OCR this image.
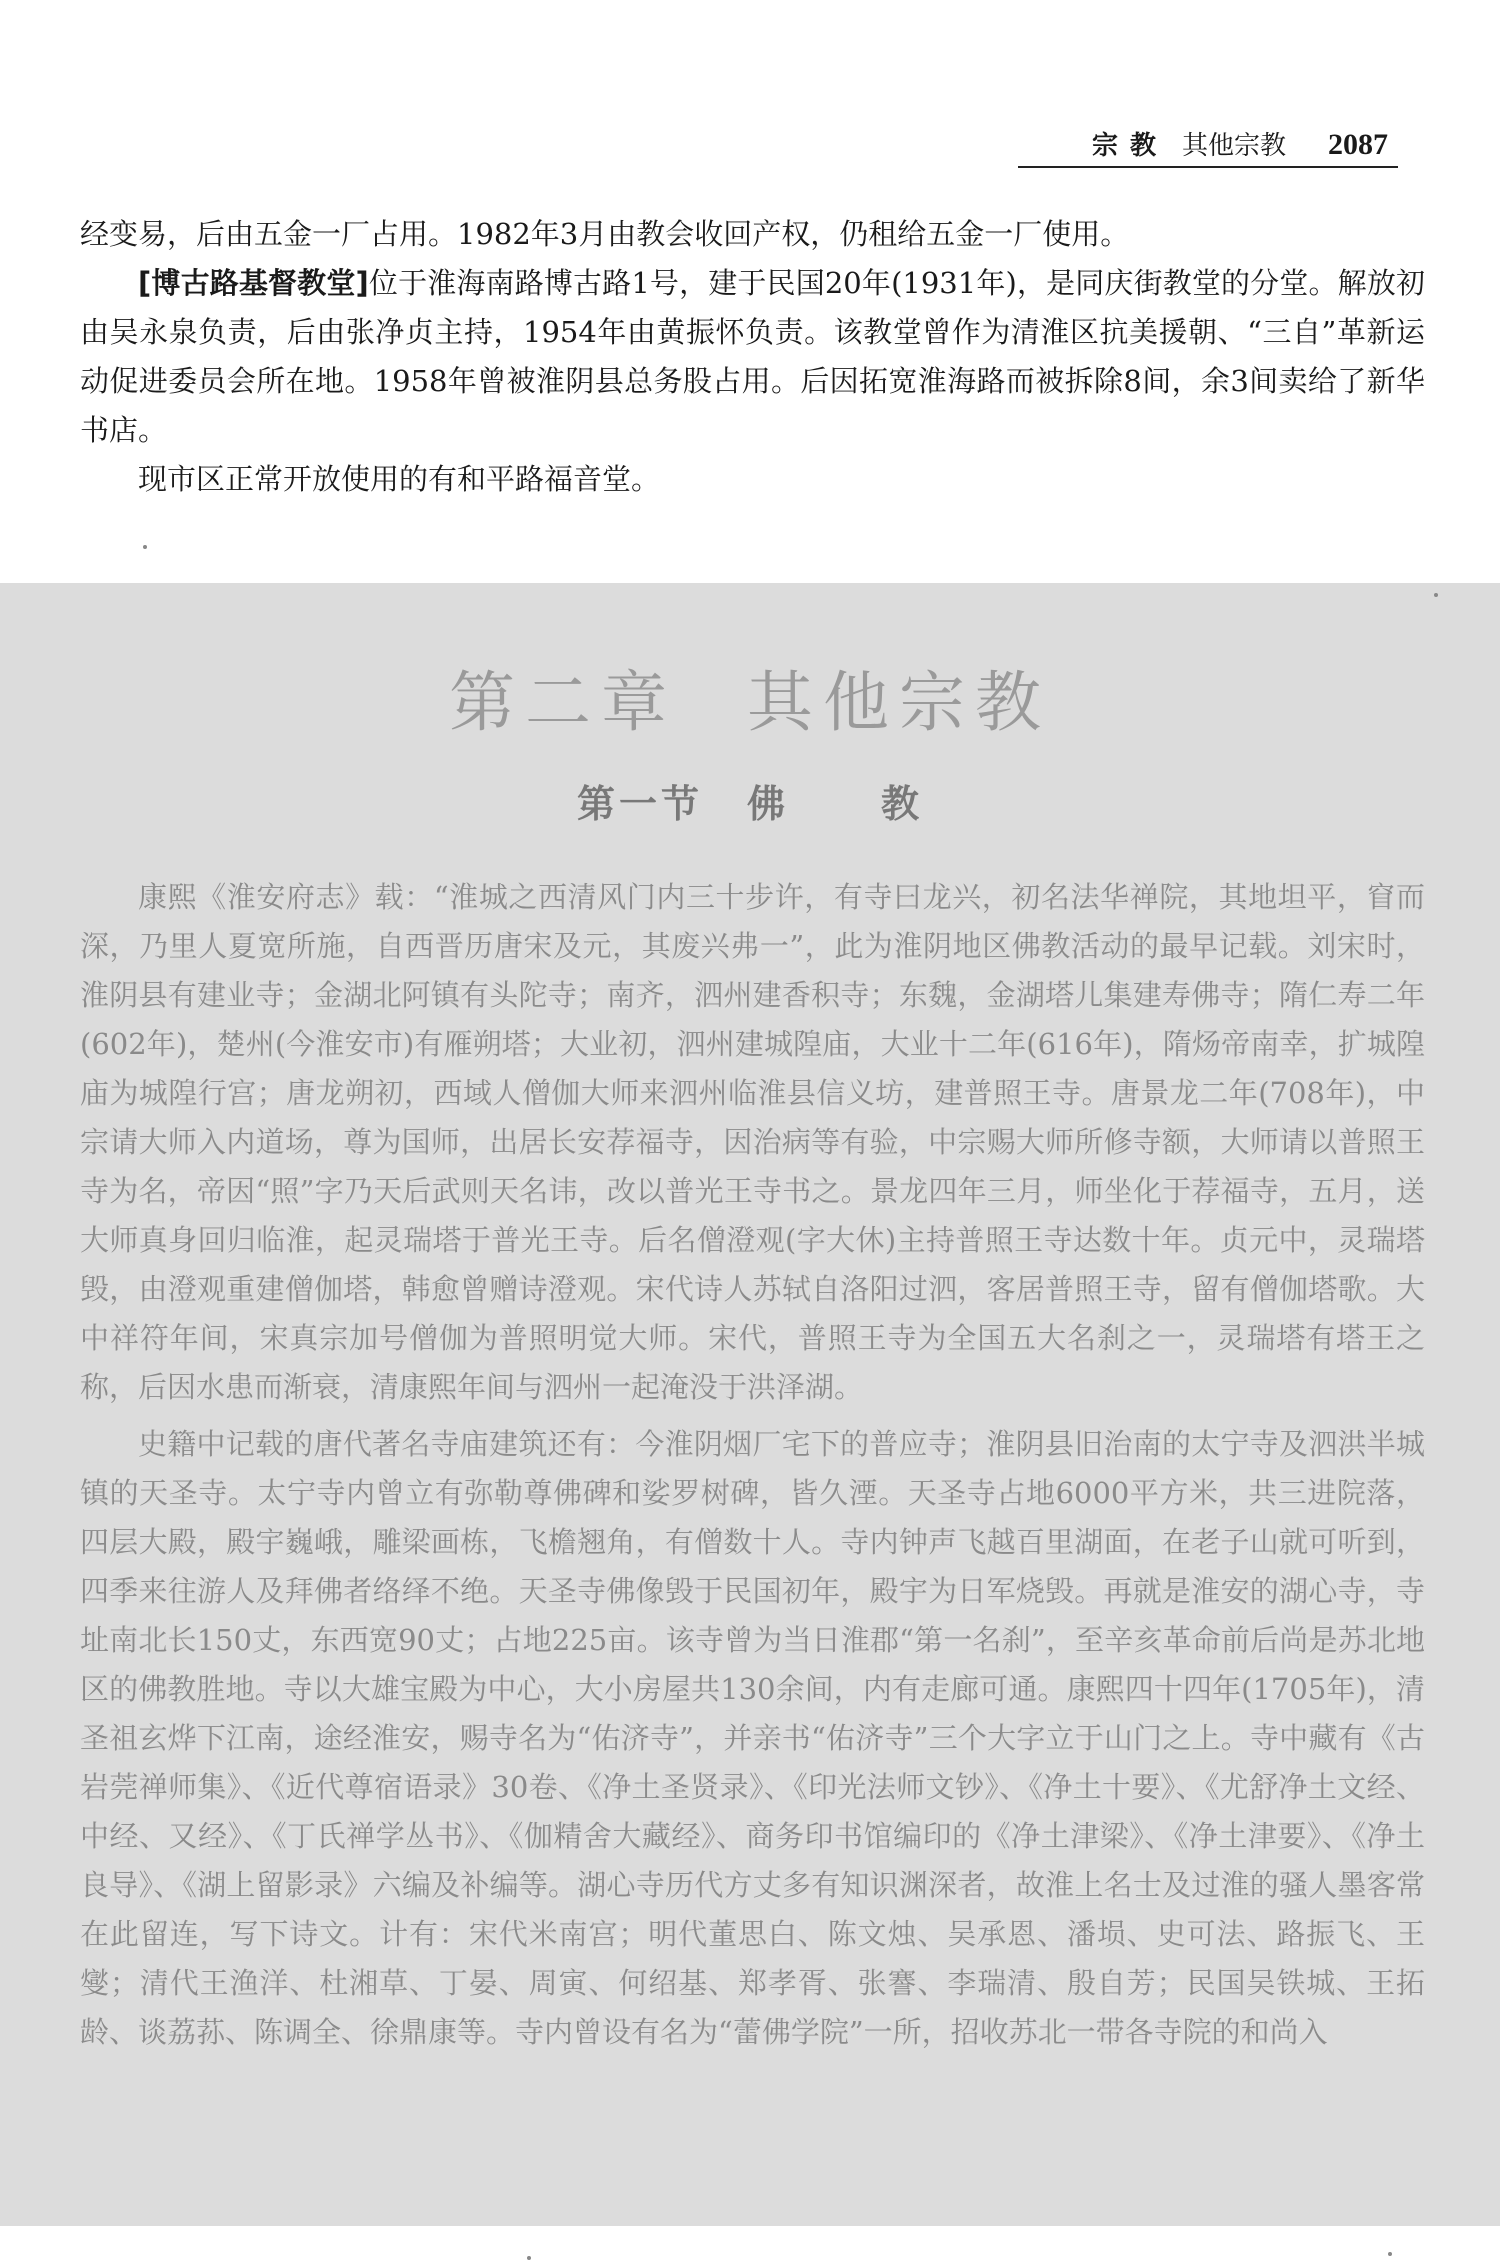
宗教 其他宗教 2087

经变易，后由五金一厂占用。1982年3月由教会收回产权，仍租给五金一厂使用。

[博古路基督教堂]位于淮海南路博古路1号，建于民国20年(1931年)，是同庆街教堂的分堂。解放初由吴永泉负责，后由张净贞主持，1954年由黄振怀负责。该教堂曾作为清淮区抗美援朝、“三自”革新运动促进委员会所在地。1958年曾被淮阴县总务股占用。后因拓宽淮海路而被拆除8间，余3间卖给了新华书店。

现市区正常开放使用的有和平路福音堂。

第二章 其他宗教
第一节 佛 教

康熙《淮安府志》载：“淮城之西清风门内三十步许，有寺曰龙兴，初名法华禅院，其地坦平，窅而深，乃里人夏宽所施，自西晋历唐宋及元，其废兴弗一”，此为淮阴地区佛教活动的最早记载。刘宋时，淮阴县有建业寺；金湖北阿镇有头陀寺；南齐，泗州建香积寺；东魏，金湖塔儿集建寿佛寺；隋仁寿二年(602年)，楚州(今淮安市)有雁朔塔；大业初，泗州建城隍庙，大业十二年(616年)，隋炀帝南幸，扩城隍庙为城隍行宫；唐龙朔初，西域人僧伽大师来泗州临淮县信义坊，建普照王寺。唐景龙二年(708年)，中宗请大师入内道场，尊为国师，出居长安荐福寺，因治病等有验，中宗赐大师所修寺额，大师请以普照王寺为名，帝因“照”字乃天后武则天名讳，改以普光王寺书之。景龙四年三月，师坐化于荐福寺，五月，送大师真身回归临淮，起灵瑞塔于普光王寺。后名僧澄观(字大休)主持普照王寺达数十年。贞元中，灵瑞塔毁，由澄观重建僧伽塔，韩愈曾赠诗澄观。宋代诗人苏轼自洛阳过泗，客居普照王寺，留有僧伽塔歌。大中祥符年间，宋真宗加号僧伽为普照明觉大师。宋代，普照王寺为全国五大名刹之一，灵瑞塔有塔王之称，后因水患而渐衰，清康熙年间与泗州一起淹没于洪泽湖。

史籍中记载的唐代著名寺庙建筑还有：今淮阴烟厂宅下的普应寺；淮阴县旧治南的太宁寺及泗洪半城镇的天圣寺。太宁寺内曾立有弥勒尊佛碑和娑罗树碑，皆久湮。天圣寺占地6000平方米，共三进院落，四层大殿，殿宇巍峨，雕梁画栋，飞檐翘角，有僧数十人。寺内钟声飞越百里湖面，在老子山就可听到，四季来往游人及拜佛者络绎不绝。天圣寺佛像毁于民国初年，殿宇为日军烧毁。再就是淮安的湖心寺，寺址南北长150丈，东西宽90丈；占地225亩。该寺曾为当日淮郡“第一名刹”，至辛亥革命前后尚是苏北地区的佛教胜地。寺以大雄宝殿为中心，大小房屋共130余间，内有走廊可通。康熙四十四年(1705年)，清圣祖玄烨下江南，途经淮安，赐寺名为“佑济寺”，并亲书“佑济寺”三个大字立于山门之上。寺中藏有《古岩莞禅师集》、《近代尊宿语录》30卷、《净土圣贤录》、《印光法师文钞》、《净土十要》、《尤舒净土文经、中经、又经》、《丁氏禅学丛书》、《伽精舍大藏经》、商务印书馆编印的《净土津梁》、《净土津要》、《净土良导》、《湖上留影录》六编及补编等。湖心寺历代方丈多有知识渊深者，故淮上名士及过淮的骚人墨客常在此留连，写下诗文。计有：宋代米南宫；明代董思白、陈文烛、吴承恩、潘埙、史可法、路振飞、王燮；清代王渔洋、杜湘草、丁晏、周寅、何绍基、郑孝胥、张謇、李瑞清、殷自芳；民国吴铁城、王拓龄、谈荔荪、陈调全、徐鼎康等。寺内曾设有名为“蕾佛学院”一所，招收苏北一带各寺院的和尚入
